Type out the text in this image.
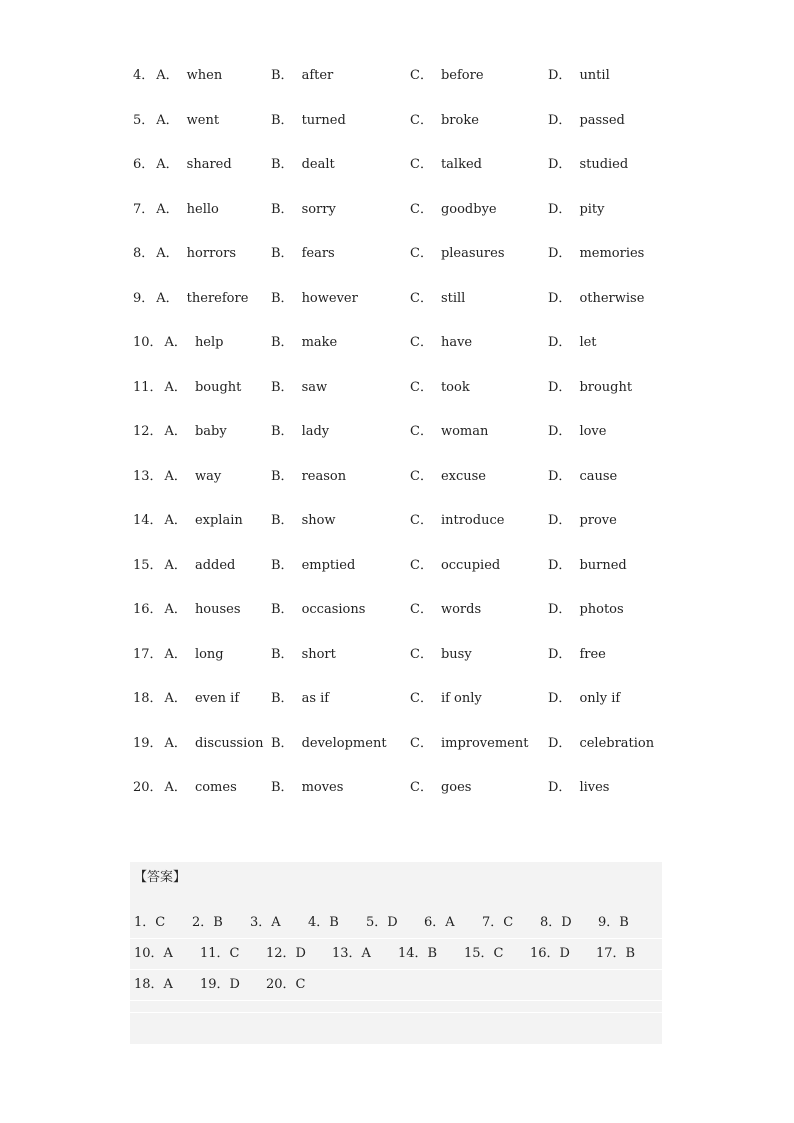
4． A． when	B． after	C． before	D． until
5． A． went	B． turned	C． broke	D． passed
6． A． shared	B． dealt	C． talked	D． studied
7． A． hello	B． sorry	C． goodbye	D． pity
8． A． horrors	B． fears	C． pleasures	D． memories
9． A． therefore B． however	C． still	D． otherwise
10． A． help	B． make	C． have	D． let
11． A． bought B． saw	C． took	D． brought
12． A． baby	B． lady	C． woman	D． love
13． A． way	B． reason	C． excuse	D． cause
14． A． explain B． show	C． introduce	D． prove
15． A． added	B． emptied	C． occupied	D． burned
16． A． houses B． occasions	C． words	D． photos
17． A． long	B． short	C． busy	D． free
18． A． even if B． as if	C． if only	D． only if
19． A． discussion B． development C． improvement D． celebration
20． A． comes	B． moves	C． goes	D． lives
【答案】
1．C 2．B 3．A 4．B 5．D 6．A 7．C 8．D 9．B
10．A 11．C 12．D 13．A 14．B 15．C 16．D 17．B
18．A 19．D 20．C
